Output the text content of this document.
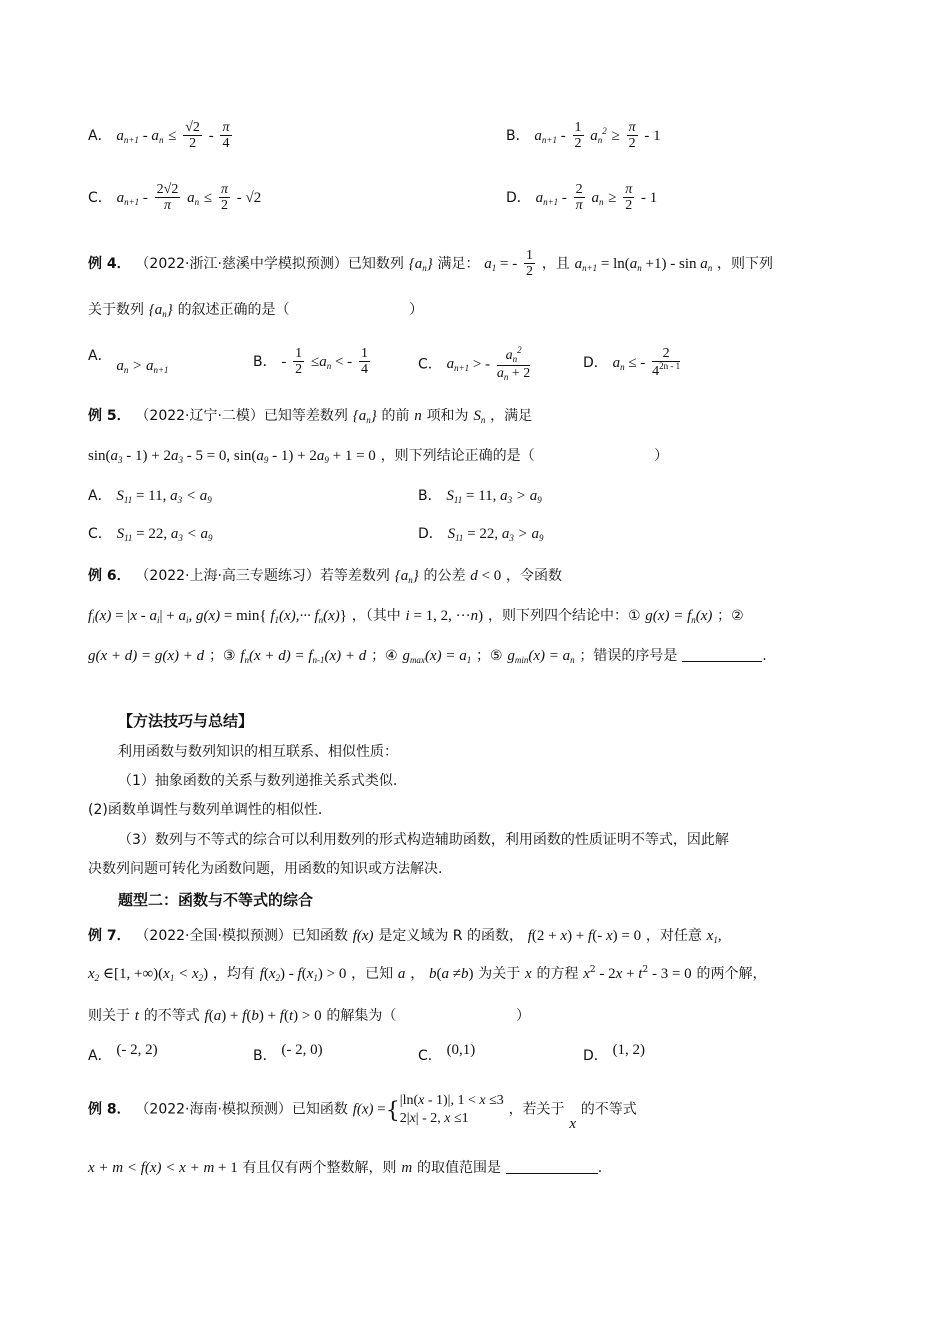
A． $a_{n+1} - a_n \le \frac{√2}{2} - \frac{\pi}{4}$	B． $a_{n+1} - \frac{1}{2} a_n^2 \ge \frac{\pi}{2} - 1$
C． $a_{n+1} - \frac{2√2}{\pi} a_n \le \frac{\pi}{2} - √2$	D． $a_{n+1} - \frac{2}{\pi} a_n \ge \frac{\pi}{2} - 1$
例 4． （2022·浙江·慈溪中学模拟预测）已知数列 $\{a_n\}$ 满足： $a_1$ = - $\frac{1}{2}$ ，且 $a_{n+1} = \ln(a_n +1) - \sin a_n$ ，则下列
关于数列 $\{a_n\}$ 的叙述正确的是（	）
A． $a_n > a_{n+1}$
B． - $\frac{1}{2} \le a_n$ < - $\frac{1}{4}$	C． $a_{n+1}$ > - $\frac{a_n^2}{a_n + 2}$	D． $a_n$ ≤ - $\frac{2}{4^{2n - 1}}$
例 5． （2022·辽宁·二模）已知等差数列 $\{a_n\}$ 的前 n 项和为 $S_n$ ，满足
$\sin(a_3 - 1) + 2a_3 - 5 = 0$, $\sin(a_9 - 1) + 2a_9 + 1 = 0$ ，则下列结论正确的是（	）
A． $S_{11} = 11$, $a_3 < a_9$	B． $S_{11} = 11$, $a_3 > a_9$
C． $S_{11} = 22$, $a_3 < a_9$	D． $S_{11} = 22$, $a_3 > a_9$
例 6． （2022·上海·高三专题练习）若等差数列 $\{a_n\}$ 的公差 d < 0 ，令函数
$f_i(x) = |x - a_i| + a_i$, g(x) = min{ $f_1(x),\cdot\cdot\cdot f_n(x)$} ，（其中 i = 1, 2, ···n) ，则下列四个结论中：① $g(x) = f_n(x)$ ；②
g(x + d) = g(x) + d ；③ $f_n(x + d) = f_{n-1}(x) + d$ ；④ $g_{max}(x) = a_1$ ；⑤ $g_{min}(x) = a_n$ ；错误的序号是	.
【方法技巧与总结】
利用函数与数列知识的相互联系、相似性质：
（1）抽象函数的关系与数列递推关系式类似.
(2)函数单调性与数列单调性的相似性.
（3）数列与不等式的综合可以利用数列的形式构造辅助函数，利用函数的性质证明不等式，因此解
决数列问题可转化为函数问题，用函数的知识或方法解决.
题型二：函数与不等式的综合
例 7． （2022·全国·模拟预测）已知函数 f(x) 是定义域为 R 的函数， f(2 + x) + f(- x) = 0 ，对任意 $x_1$,
$x_2$ ∈[1, $+\infty)(x_1 < x_2)$ ，均有 $f(x_2) - f(x_1) > 0$ ，已知 a ， b(a ≠b) 为关于 x 的方程 $x^2 - 2x + t^2 - 3 = 0$ 的两个解，
则关于 t 的不等式 f(a) + f(b) + f(t) > 0 的解集为（	）
A． (- 2, 2)	B． (- 2, 0)	C． (0,1)	D． (1, 2)
例 8． （2022·海南·模拟预测）已知函数 f(x) ={|ln(x - 1)|, 1 < x ≤3
2|x| - 2, x ≤1 ，若关于 x 的不等式
x + m < f(x) < x + m + 1 有且仅有两个整数解，则 m 的取值范围是	.
